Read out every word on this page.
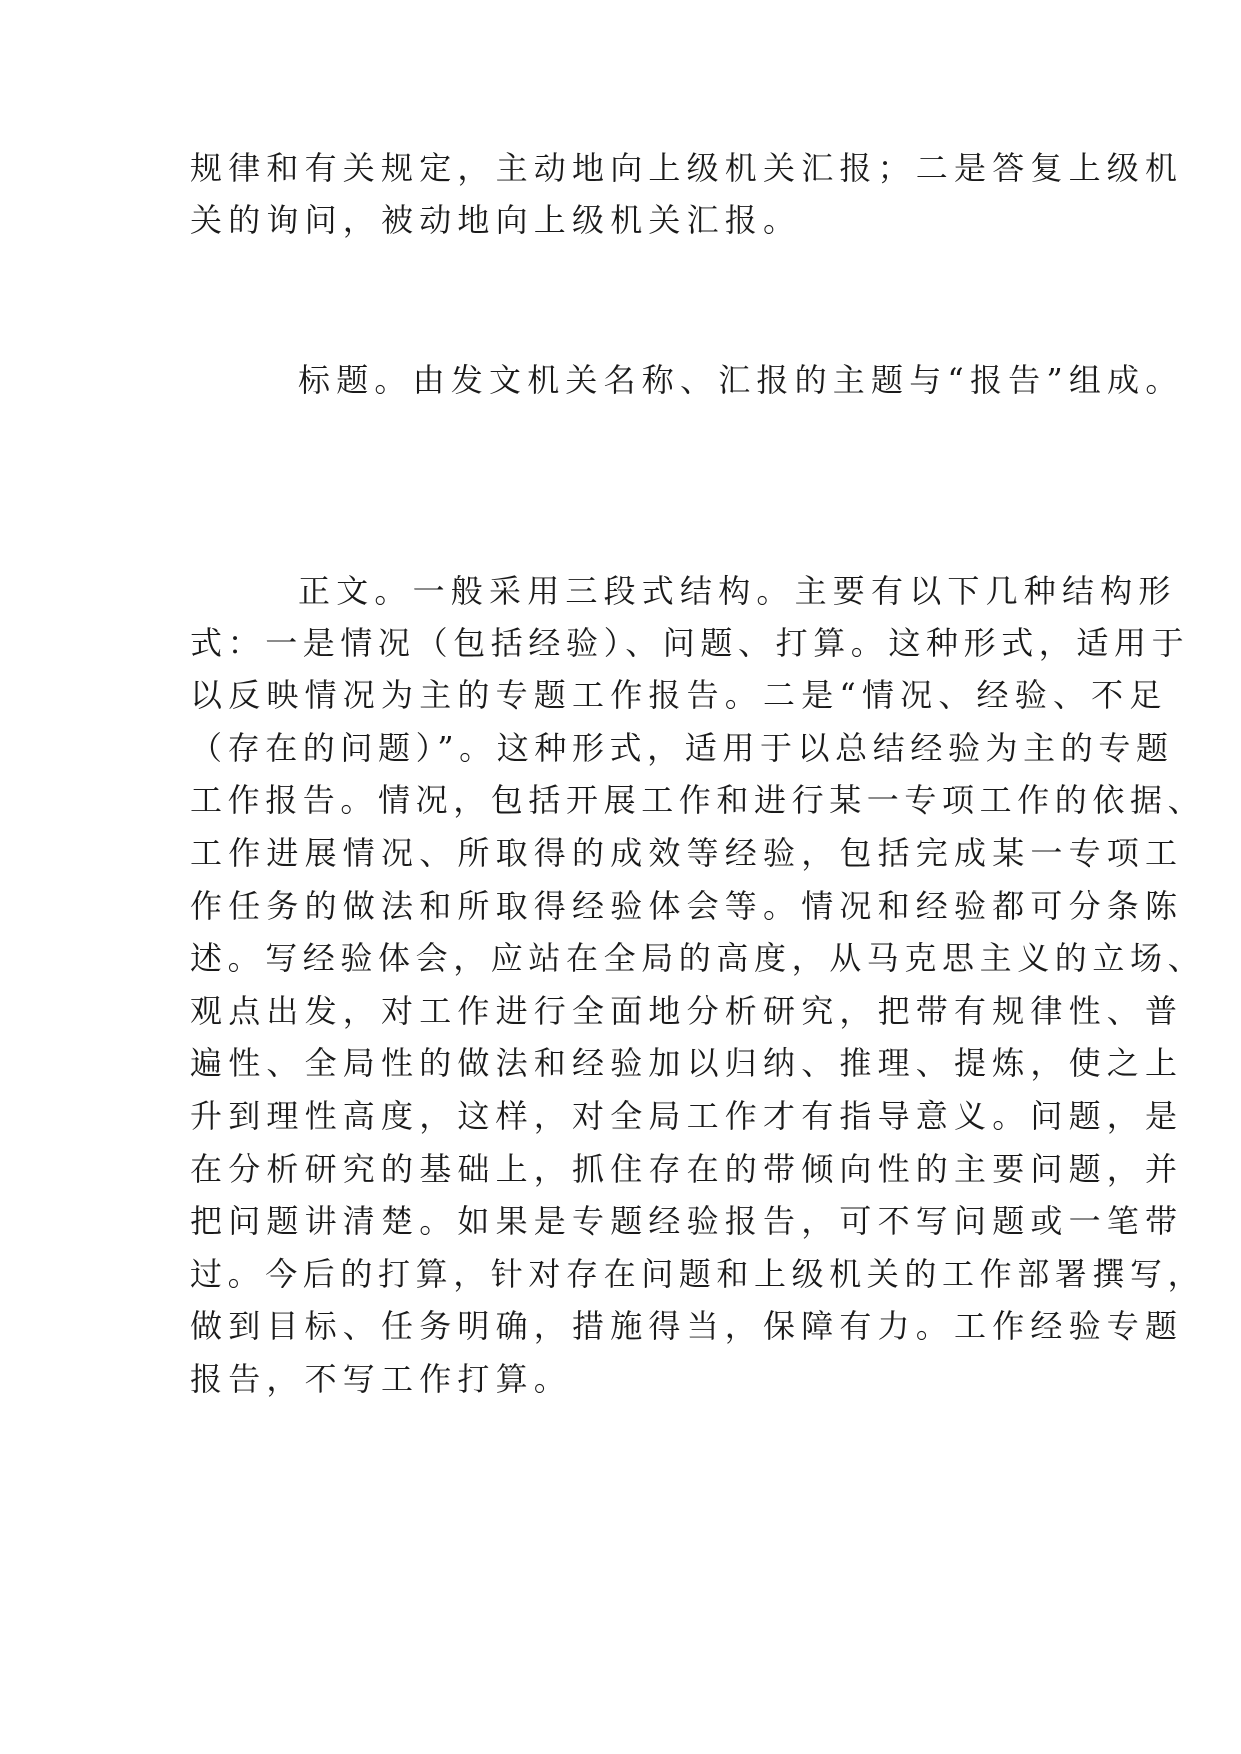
规律和有关规定，主动地向上级机关汇报；二是答复上级机
关的询问，被动地向上级机关汇报。
标题。由发文机关名称、汇报的主题与“报告”组成。
正文。一般采用三段式结构。主要有以下几种结构形
式：一是情况（包括经验）、问题、打算。这种形式，适用于
以反映情况为主的专题工作报告。二是“情况、经验、不足
（存在的问题）”。这种形式，适用于以总结经验为主的专题
工作报告。情况，包括开展工作和进行某一专项工作的依据、
工作进展情况、所取得的成效等经验，包括完成某一专项工
作任务的做法和所取得经验体会等。情况和经验都可分条陈
述。写经验体会，应站在全局的高度，从马克思主义的立场、
观点出发，对工作进行全面地分析研究，把带有规律性、普
遍性、全局性的做法和经验加以归纳、推理、提炼，使之上
升到理性高度，这样，对全局工作才有指导意义。问题，是
在分析研究的基础上，抓住存在的带倾向性的主要问题，并
把问题讲清楚。如果是专题经验报告，可不写问题或一笔带
过。今后的打算，针对存在问题和上级机关的工作部署撰写，
做到目标、任务明确，措施得当，保障有力。工作经验专题
报告，不写工作打算。
